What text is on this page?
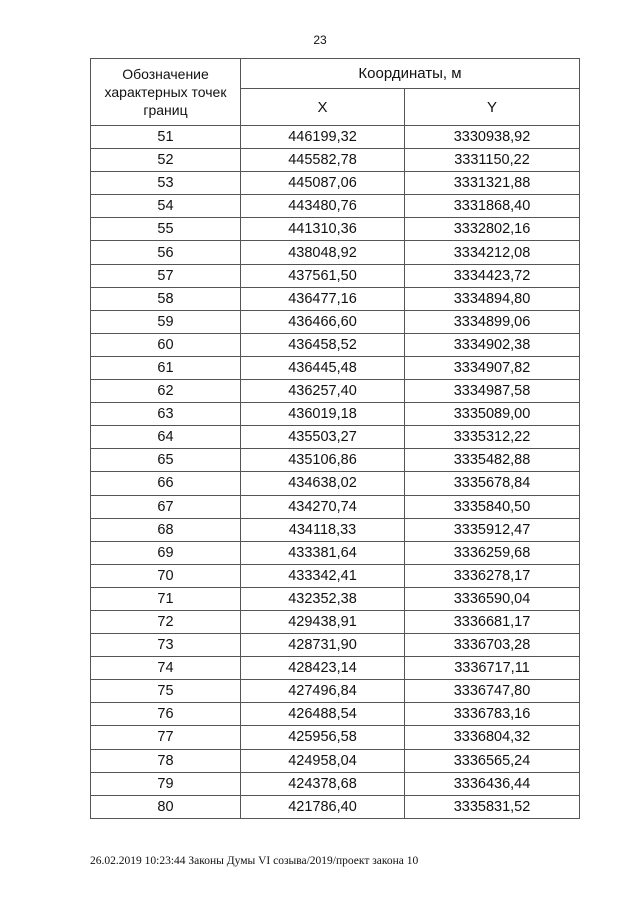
23
Обозначение характерных точек границ	Координаты, м	
	X	Y
51	446199,32	3330938,92
52	445582,78	3331150,22
53	445087,06	3331321,88
54	443480,76	3331868,40
55	441310,36	3332802,16
56	438048,92	3334212,08
57	437561,50	3334423,72
58	436477,16	3334894,80
59	436466,60	3334899,06
60	436458,52	3334902,38
61	436445,48	3334907,82
62	436257,40	3334987,58
63	436019,18	3335089,00
64	435503,27	3335312,22
65	435106,86	3335482,88
66	434638,02	3335678,84
67	434270,74	3335840,50
68	434118,33	3335912,47
69	433381,64	3336259,68
70	433342,41	3336278,17
71	432352,38	3336590,04
72	429438,91	3336681,17
73	428731,90	3336703,28
74	428423,14	3336717,11
75	427496,84	3336747,80
76	426488,54	3336783,16
77	425956,58	3336804,32
78	424958,04	3336565,24
79	424378,68	3336436,44
80	421786,40	3335831,52
26.02.2019 10:23:44 Законы Думы VI созыва/2019/проект закона 10
